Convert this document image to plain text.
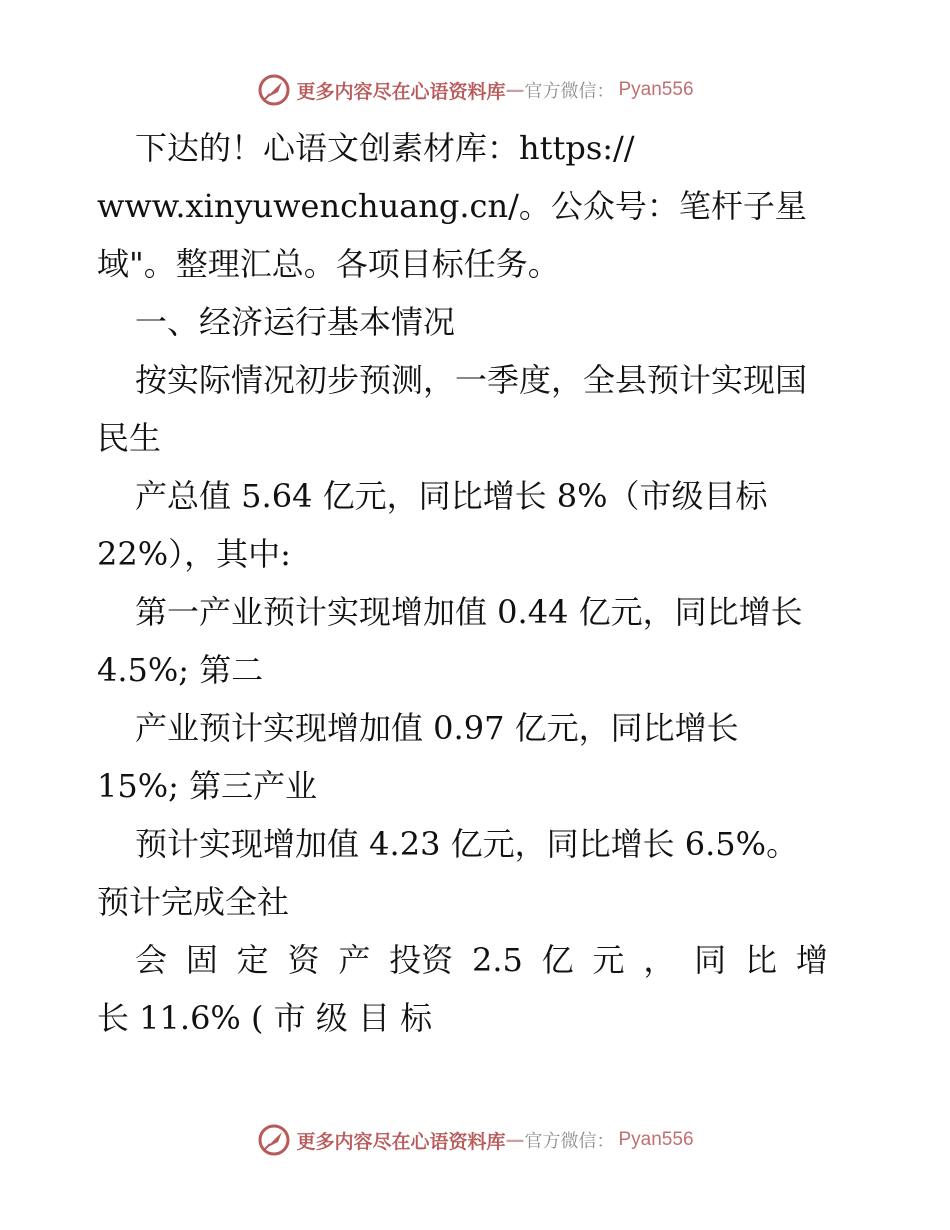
更多内容尽在心语资料库 — 官方微信： Pyan556
下达的！心语文创素材库：https://
www.xinyuwenchuang.cn/。公众号：笔杆子星
域"。整理汇总。各项目标任务。
一、经济运行基本情况
按实际情况初步预测，一季度，全县预计实现国
民生
产总值 5.64 亿元，同比增长 8%（市级目标
22%），其中:
第一产业预计实现增加值 0.44 亿元，同比增长
4.5%; 第二
产业预计实现增加值 0.97 亿元，同比增长
15%; 第三产业
预计实现增加值 4.23 亿元，同比增长 6.5%。
预计完成全社
会 固 定 资 产 投资 2.5 亿 元 ， 同 比 增
长 11.6% ( 市 级 目 标
更多内容尽在心语资料库 — 官方微信： Pyan556
